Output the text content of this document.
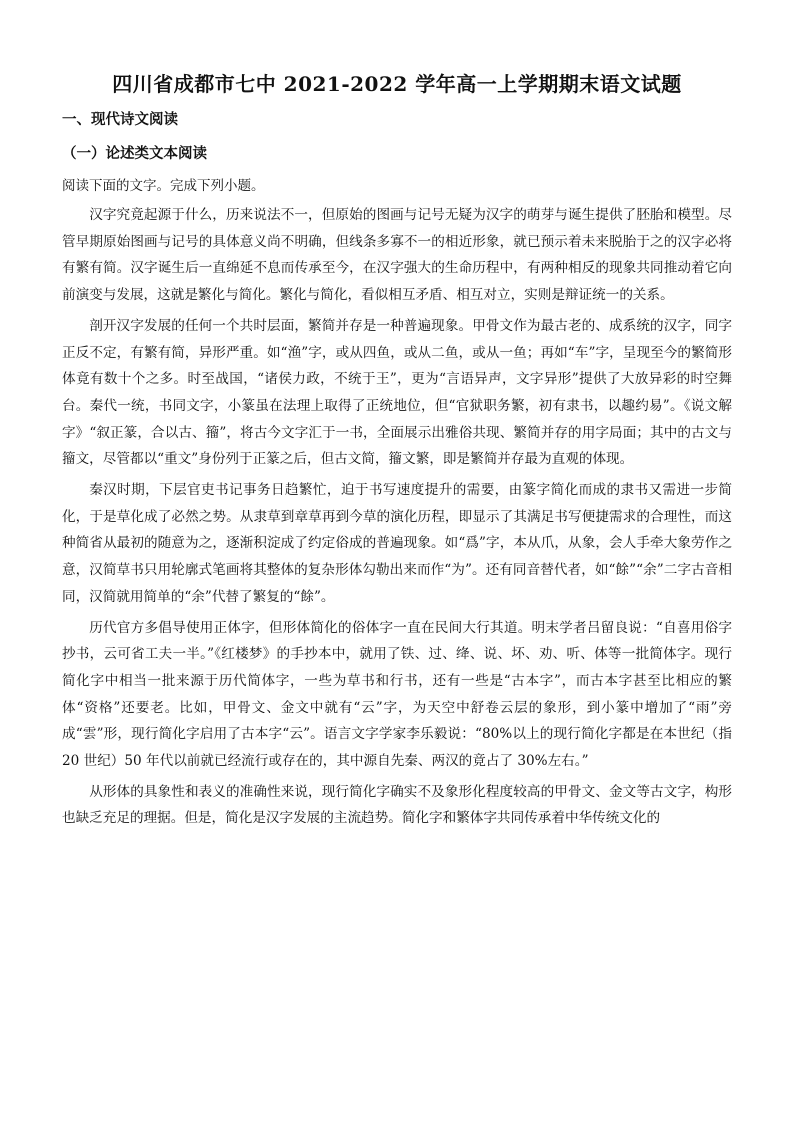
四川省成都市七中 2021-2022 学年高一上学期期末语文试题
一、现代诗文阅读
（一）论述类文本阅读
阅读下面的文字。完成下列小题。

汉字究竟起源于什么，历来说法不一，但原始的图画与记号无疑为汉字的萌芽与诞生提供了胚胎和模型。尽管早期原始图画与记号的具体意义尚不明确，但线条多寡不一的相近形象，就已预示着未来脱胎于之的汉字必将有繁有简。汉字诞生后一直绵延不息而传承至今，在汉字强大的生命历程中，有两种相反的现象共同推动着它向前演变与发展，这就是繁化与简化。繁化与简化，看似相互矛盾、相互对立，实则是辩证统一的关系。

剖开汉字发展的任何一个共时层面，繁简并存是一种普遍现象。甲骨文作为最古老的、成系统的汉字，同字正反不定，有繁有简，异形严重。如“渔”字，或从四鱼，或从二鱼，或从一鱼；再如“车”字，呈现至今的繁简形体竟有数十个之多。时至战国，“诸侯力政，不统于王”，更为“言语异声，文字异形”提供了大放异彩的时空舞台。秦代一统，书同文字，小篆虽在法理上取得了正统地位，但“官狱职务繁，初有隶书，以趣约易”。《说文解字》“叙正篆，合以古、籀”，将古今文字汇于一书，全面展示出雅俗共现、繁简并存的用字局面；其中的古文与籀文，尽管都以“重文”身份列于正篆之后，但古文简，籀文繁，即是繁简并存最为直观的体现。

秦汉时期，下层官吏书记事务日趋繁忙，迫于书写速度提升的需要，由篆字简化而成的隶书又需进一步简化，于是草化成了必然之势。从隶草到章草再到今草的演化历程，即显示了其满足书写便捷需求的合理性，而这种简省从最初的随意为之，逐渐积淀成了约定俗成的普遍现象。如“爲”字，本从爪，从象，会人手牵大象劳作之意，汉简草书只用轮廓式笔画将其整体的复杂形体勾勒出来而作“为”。还有同音替代者，如“餘”“余”二字古音相同，汉简就用简单的“余”代替了繁复的“餘”。

历代官方多倡导使用正体字，但形体简化的俗体字一直在民间大行其道。明末学者吕留良说：“自喜用俗字抄书，云可省工夫一半。”《红楼梦》的手抄本中，就用了铁、过、绛、说、坏、劝、听、体等一批简体字。现行简化字中相当一批来源于历代简体字，一些为草书和行书，还有一些是“古本字”，而古本字甚至比相应的繁体“资格”还要老。比如，甲骨文、金文中就有“云”字，为天空中舒卷云层的象形，到小篆中增加了“雨”旁成“雲”形，现行简化字启用了古本字“云”。语言文字学家李乐毅说：“80%以上的现行简化字都是在本世纪（指 20 世纪）50 年代以前就已经流行或存在的，其中源自先秦、两汉的竟占了 30%左右。”

从形体的具象性和表义的准确性来说，现行简化字确实不及象形化程度较高的甲骨文、金文等古文字，构形也缺乏充足的理据。但是，简化是汉字发展的主流趋势。简化字和繁体字共同传承着中华传统文化的
